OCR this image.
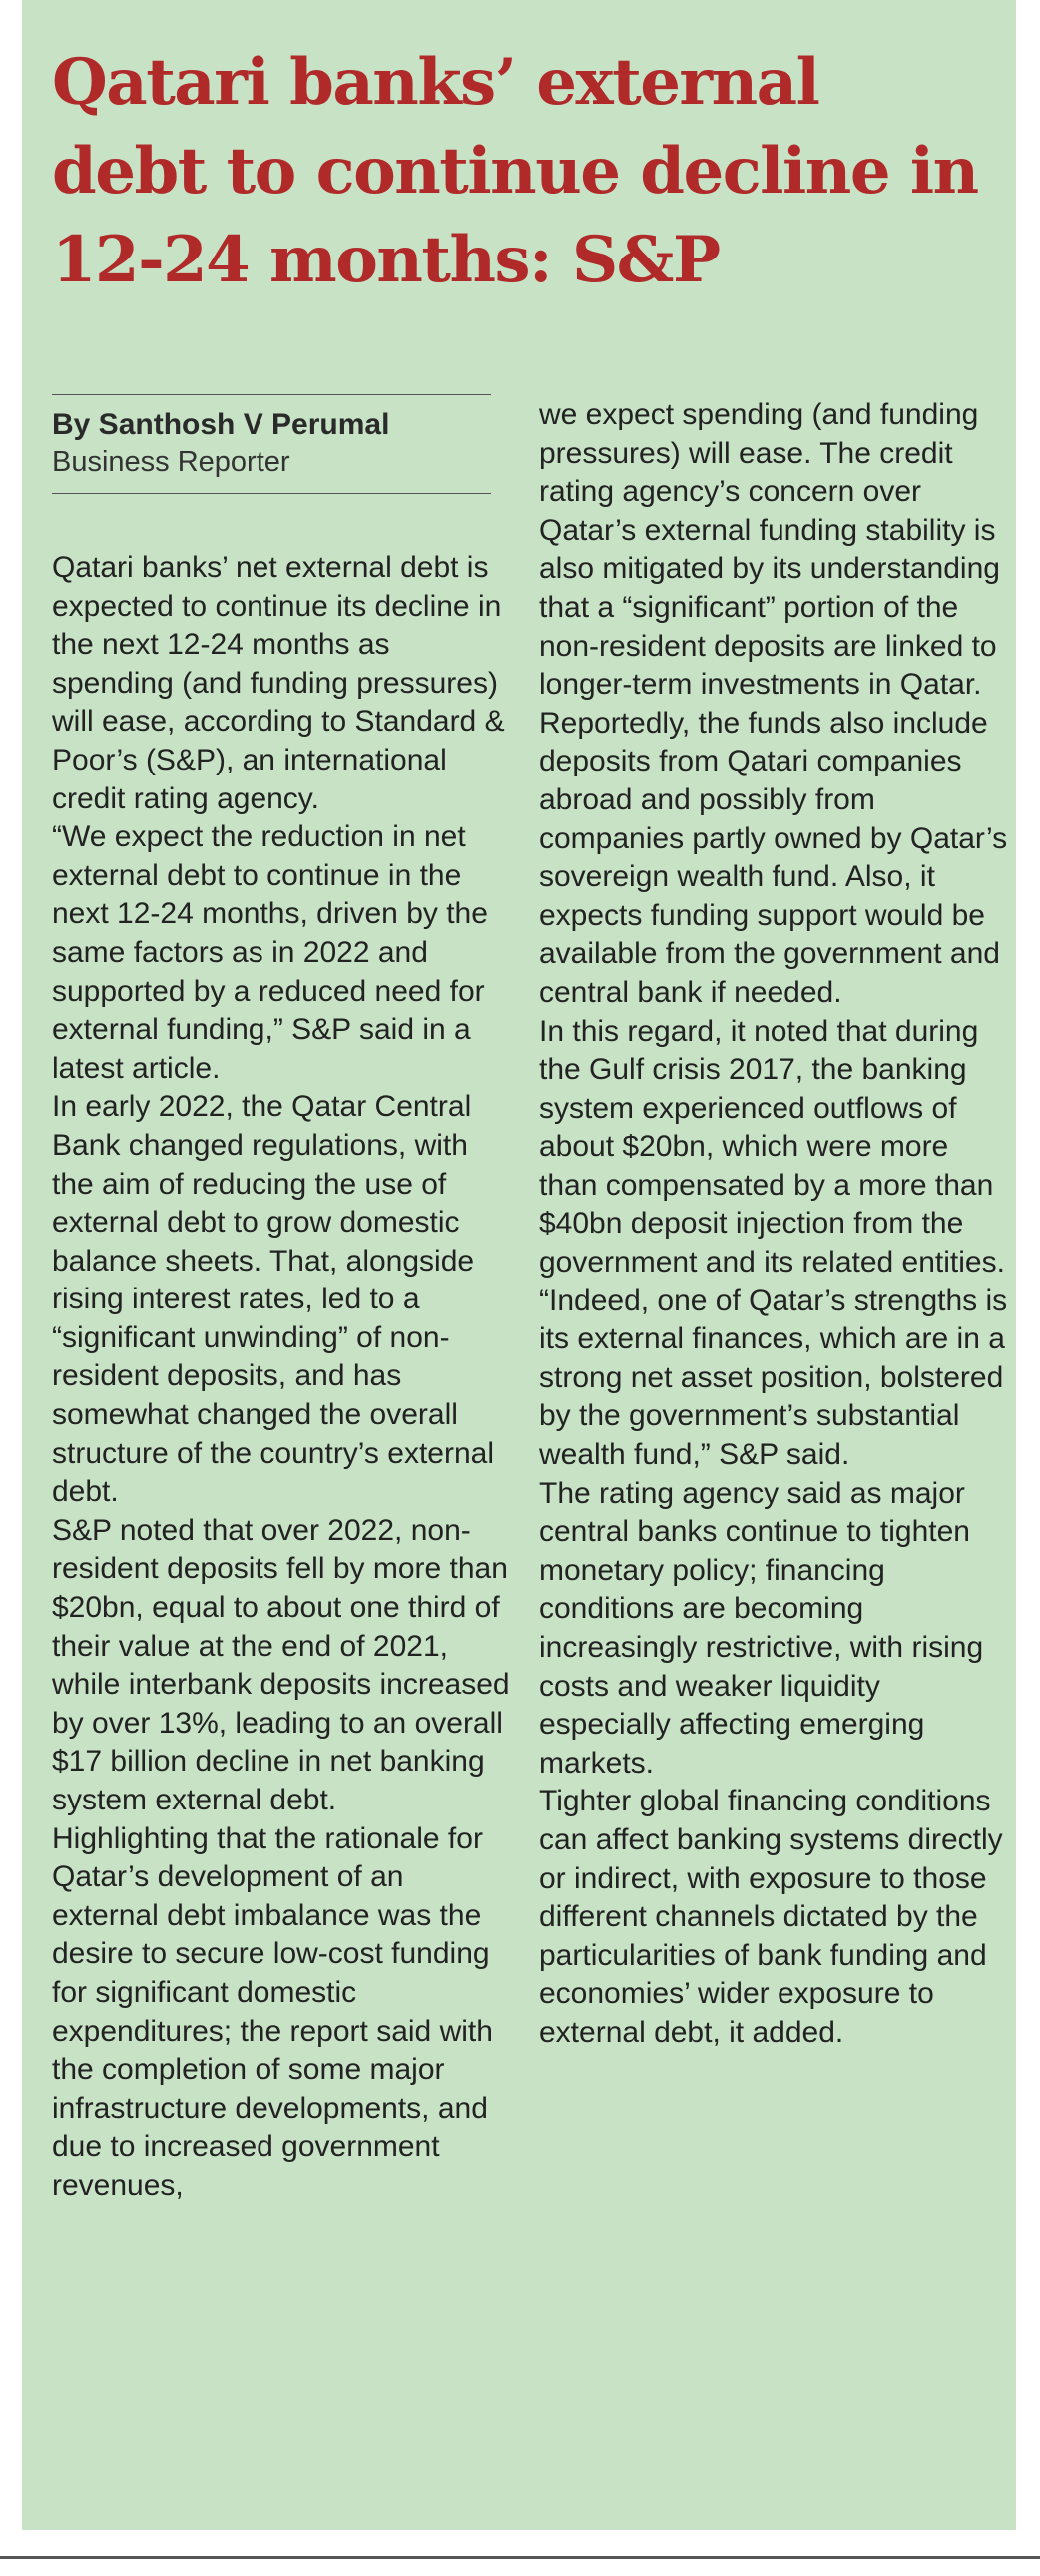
Qatari banks’ external debt to continue decline in 12-24 months: S&P
By Santhosh V Perumal
Business Reporter

Qatari banks’ net external debt is expected to continue its decline in the next 12-24 months as spending (and funding pressures) will ease, according to Standard & Poor’s (S&P), an international credit rating agency.

“We expect the reduction in net external debt to continue in the next 12-24 months, driven by the same factors as in 2022 and supported by a reduced need for external funding,” S&P said in a latest article.

In early 2022, the Qatar Central Bank changed regulations, with the aim of reducing the use of external debt to grow domestic balance sheets. That, alongside rising interest rates, led to a “significant unwinding” of non-resident deposits, and has somewhat changed the overall structure of the country’s external debt.

S&P noted that over 2022, non-resident deposits fell by more than $20bn, equal to about one third of their value at the end of 2021, while interbank deposits increased by over 13%, leading to an overall $17 billion decline in net banking system external debt.

Highlighting that the rationale for Qatar’s development of an external debt imbalance was the desire to secure low-cost funding for significant domestic expenditures; the report said with the completion of some major infrastructure developments, and due to increased government revenues,

we expect spending (and funding pressures) will ease. The credit rating agency’s concern over Qatar’s external funding stability is also mitigated by its understanding that a “significant” portion of the non-resident deposits are linked to longer-term investments in Qatar. Reportedly, the funds also include deposits from Qatari companies abroad and possibly from companies partly owned by Qatar’s sovereign wealth fund. Also, it expects funding support would be available from the government and central bank if needed.

In this regard, it noted that during the Gulf crisis 2017, the banking system experienced outflows of about $20bn, which were more than compensated by a more than $40bn deposit injection from the government and its related entities.

“Indeed, one of Qatar’s strengths is its external finances, which are in a strong net asset position, bolstered by the government’s substantial wealth fund,” S&P said.

The rating agency said as major central banks continue to tighten monetary policy; financing conditions are becoming increasingly restrictive, with rising costs and weaker liquidity especially affecting emerging markets.

Tighter global financing conditions can affect banking systems directly or indirect, with exposure to those different channels dictated by the particularities of bank funding and economies’ wider exposure to external debt, it added.
